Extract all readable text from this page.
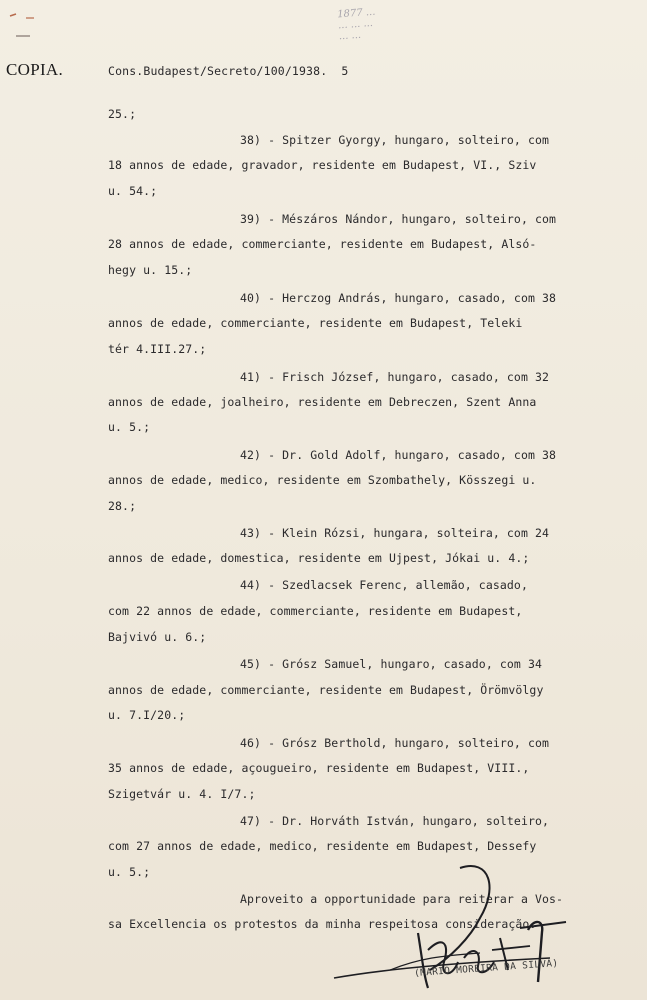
1877 ...
... ... ...
... ...
COPIA.	Cons.Budapest/Secreto/100/1938.  5
25.;
38) - Spitzer Gyorgy, hungaro, solteiro, com
18 annos de edade, gravador, residente em Budapest, VI., Sziv
u. 54.;
39) - Mészáros Nándor, hungaro, solteiro, com
28 annos de edade, commerciante, residente em Budapest, Alsó-
hegy u. 15.;
40) - Herczog András, hungaro, casado, com 38
annos de edade, commerciante, residente em Budapest, Teleki
tér 4.III.27.;
41) - Frisch József, hungaro, casado, com 32
annos de edade, joalheiro, residente em Debreczen, Szent Anna
u. 5.;
42) - Dr. Gold Adolf, hungaro, casado, com 38
annos de edade, medico, residente em Szombathely, Kösszegi u.
28.;
43) - Klein Rózsi, hungara, solteira, com 24
annos de edade, domestica, residente em Ujpest, Jókai u. 4.;
44) - Szedlacsek Ferenc, allemão, casado,
com 22 annos de edade, commerciante, residente em Budapest,
Bajvivó u. 6.;
45) - Grósz Samuel, hungaro, casado, com 34
annos de edade, commerciante, residente em Budapest, Örömvölgy
u. 7.I/20.;
46) - Grósz Berthold, hungaro, solteiro, com
35 annos de edade, açougueiro, residente em Budapest, VIII.,
Szigetvár u. 4. I/7.;
47) - Dr. Horváth István, hungaro, solteiro,
com 27 annos de edade, medico, residente em Budapest, Dessefy
u. 5.;
Aproveito a opportunidade para reiterar a Vos-
sa Excellencia os protestos da minha respeitosa consideração.
(MARIO MOREIRA DA SILVA)
